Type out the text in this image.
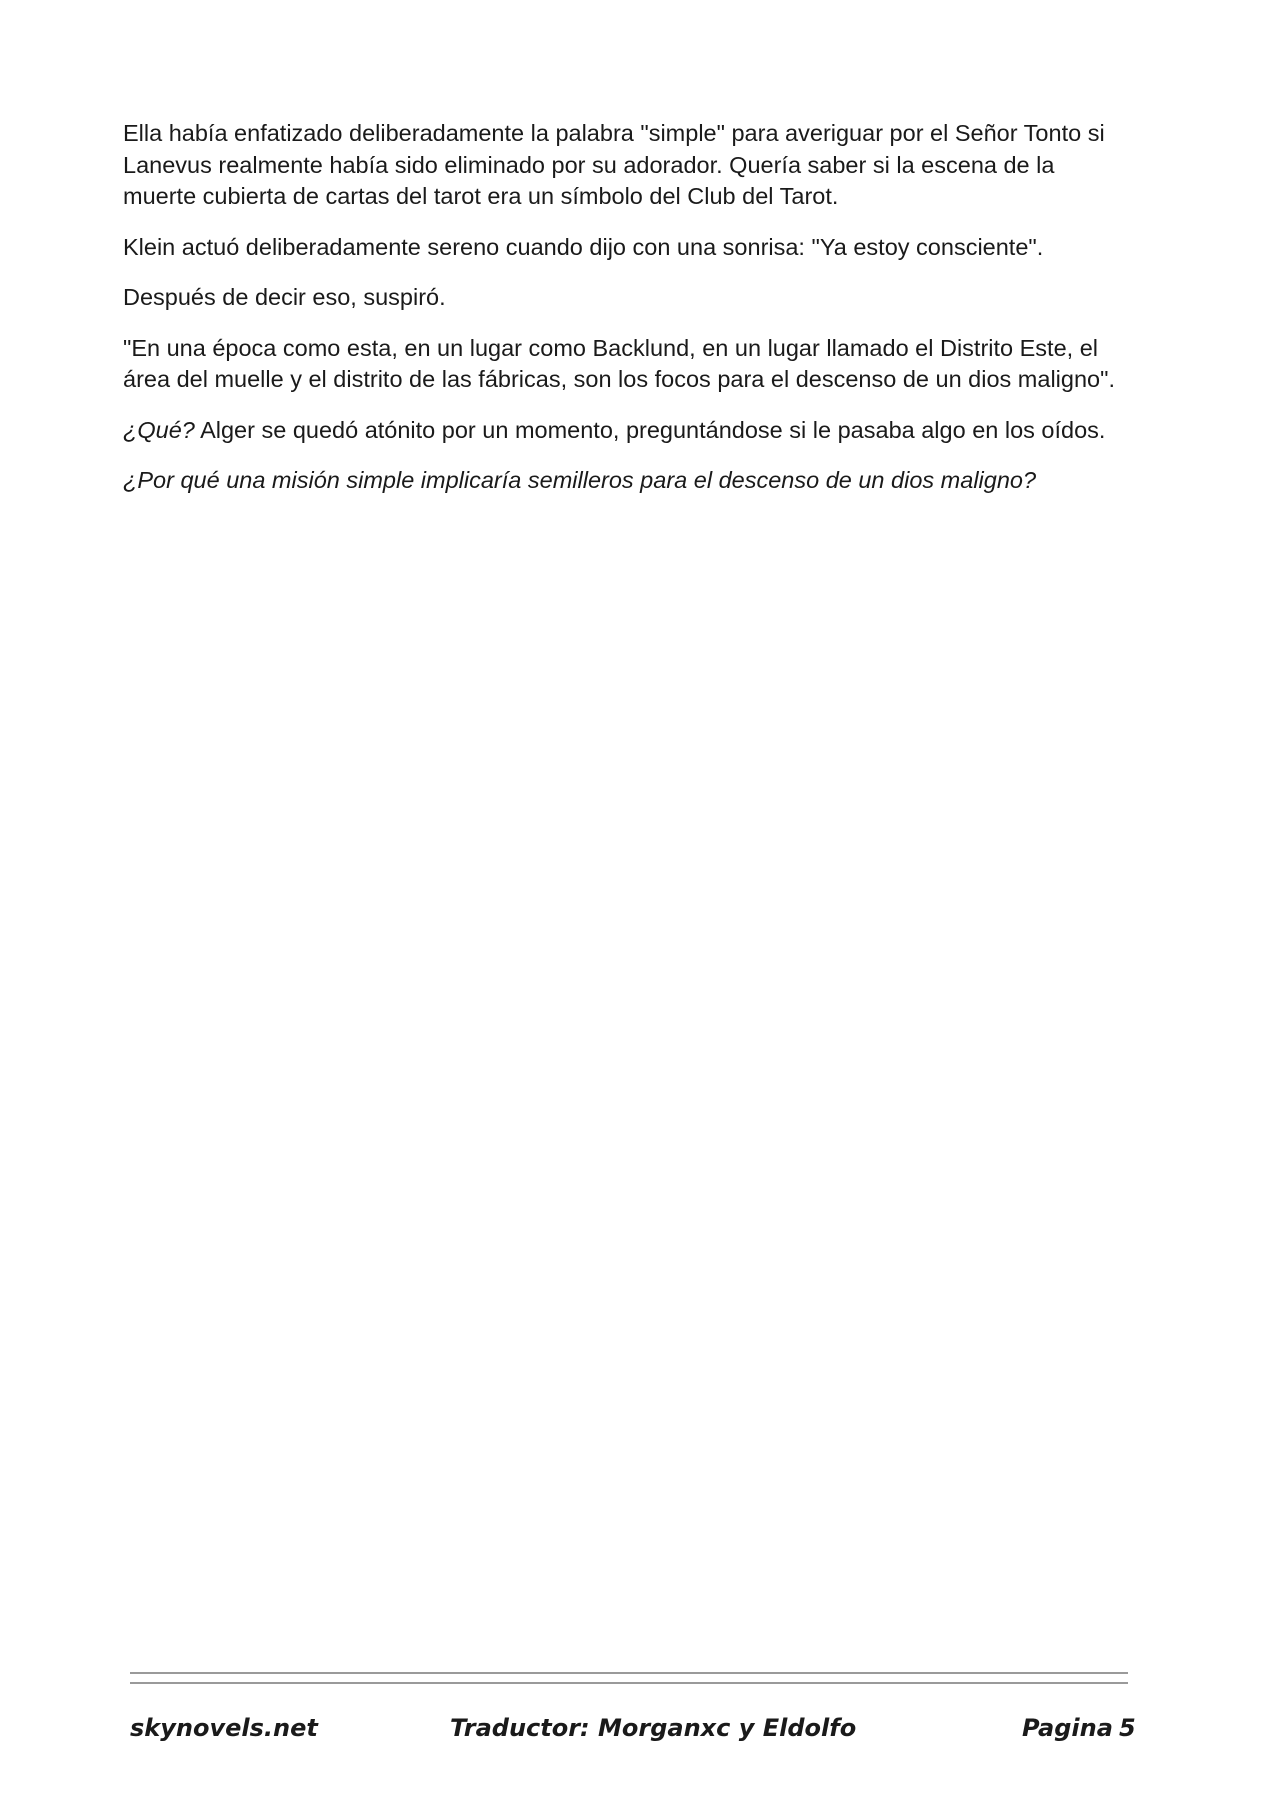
Ella había enfatizado deliberadamente la palabra "simple" para averiguar por el Señor Tonto si Lanevus realmente había sido eliminado por su adorador. Quería saber si la escena de la muerte cubierta de cartas del tarot era un símbolo del Club del Tarot.

Klein actuó deliberadamente sereno cuando dijo con una sonrisa: "Ya estoy consciente".

Después de decir eso, suspiró.

"En una época como esta, en un lugar como Backlund, en un lugar llamado el Distrito Este, el área del muelle y el distrito de las fábricas, son los focos para el descenso de un dios maligno".

¿Qué? Alger se quedó atónito por un momento, preguntándose si le pasaba algo en los oídos.

¿Por qué una misión simple implicaría semilleros para el descenso de un dios maligno?

skynovels.net	Traductor: Morganxc y Eldolfo	Pagina 5
